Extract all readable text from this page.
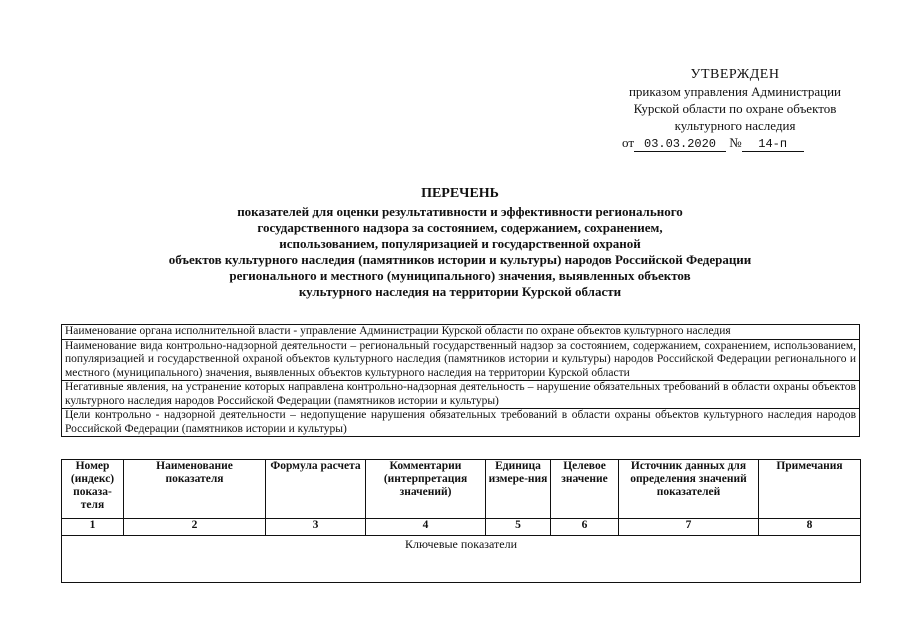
УТВЕРЖДЕН
приказом управления Администрации
Курской области по охране объектов
культурного наследия
от 03.03.2020 № 14-п
ПЕРЕЧЕНЬ
показателей для оценки результативности и эффективности регионального
государственного надзора за состоянием, содержанием, сохранением,
использованием, популяризацией и государственной охраной
объектов культурного наследия (памятников истории и культуры) народов Российской Федерации
регионального и местного (муниципального) значения, выявленных объектов
культурного наследия на территории Курской области
Наименование органа исполнительной власти - управление Администрации Курской области по охране объектов культурного наследия
Наименование вида контрольно-надзорной деятельности – региональный государственный надзор за состоянием, содержанием, сохранением, использованием, популяризацией и государственной охраной объектов культурного наследия (памятников истории и культуры) народов Российской Федерации регионального и местного (муниципального) значения, выявленных объектов культурного наследия на территории Курской области
Негативные явления, на устранение которых направлена контрольно-надзорная деятельность – нарушение обязательных требований в области охраны объектов культурного наследия народов Российской Федерации (памятников истории и культуры)
Цели контрольно - надзорной деятельности – недопущение нарушения обязательных требований в области охраны объектов культурного наследия народов Российской Федерации (памятников истории и культуры)
Номер (индекс) показа-теля	Наименование показателя	Формула расчета	Комментарии (интерпретация значений)	Единица измере-ния	Целевое значение	Источник данных для определения значений показателей	Примечания
1	2	3	4	5	6	7	8
Ключевые показатели							
